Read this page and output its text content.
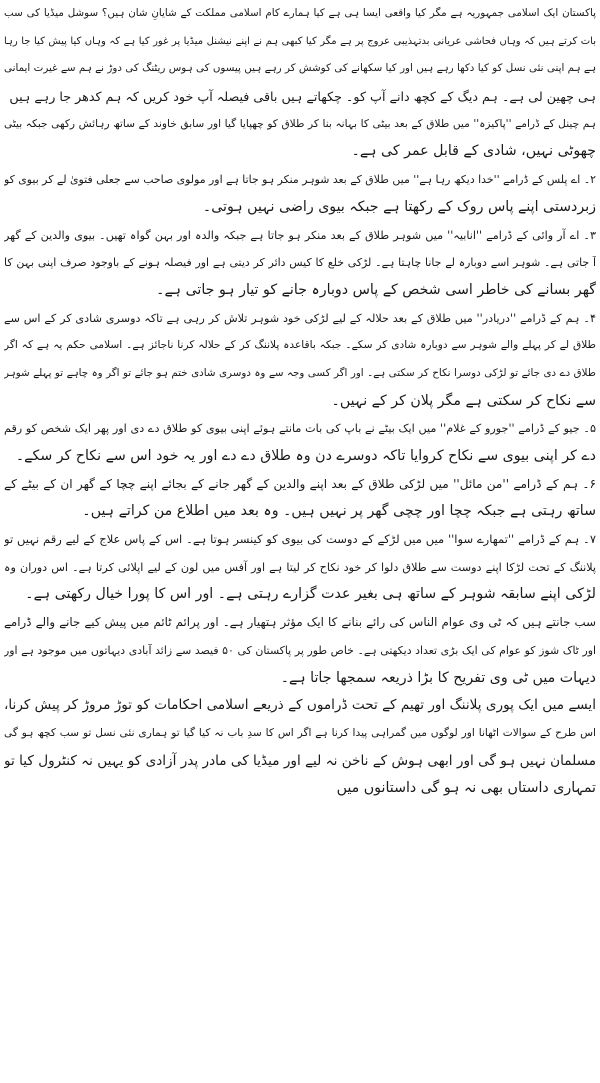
پاکستان ایک اسلامی جمہوریہ ہے مگر کیا واقعی ایسا ہی ہے کیا ہمارے کام اسلامی مملکت کے شایانِ شان ہیں؟ سوشل میڈیا کی سب
بات کرتے ہیں کہ وہاں فحاشی عریانی بدتہذیبی عروج پر ہے مگر کیا کبھی ہم نے اپنے نیشنل میڈیا پر غور کیا ہے کہ وہاں کیا پیش کیا جا رہا
ہے ہم اپنی نئی نسل کو کیا دکھا رہے ہیں اور کیا سکھانے کی کوشش کر رہے ہیں پیسوں کی ہوس ریٹنگ کی دوڑ نے ہم سے غیرت ایمانی
ہی چھین لی ہے۔ ہم دیگ کے کچھ دانے آپ کو۔ چکھاتے ہیں باقی فیصلہ آپ خود کریں کہ ہم کدھر جا رہے ہیں
ہم چینل کے ڈرامے ''پاکیزہ'' میں طلاق کے بعد بیٹی کا بہانہ بنا کر طلاق کو چھپایا گیا اور سابق خاوند کے ساتھ رہائش رکھی جبکہ بیٹی
چھوٹی نہیں، شادی کے قابل عمر کی ہے۔
۲۔ اے پلس کے ڈرامے ''خدا دیکھ رہا ہے'' میں طلاق کے بعد شوہر منکر ہو جاتا ہے اور مولوی صاحب سے جعلی فتویٰ لے کر بیوی کو
زبردستی اپنے پاس روک کے رکھتا ہے جبکہ بیوی راضی نہیں ہوتی۔
۳۔ اے آر وائی کے ڈرامے ''انابیہ'' میں شوہر طلاق کے بعد منکر ہو جاتا ہے جبکہ والدہ اور بہن گواہ تھیں۔ بیوی والدین کے گھر
آ جاتی ہے۔ شوہر اسے دوبارہ لے جانا چاہتا ہے۔ لڑکی خلع کا کیس دائر کر دیتی ہے اور فیصلہ ہونے کے باوجود صرف اپنی بہن کا
گھر بسانے کی خاطر اسی شخص کے پاس دوبارہ جانے کو تیار ہو جاتی ہے۔
۴۔ ہم کے ڈرامے ''دریادر'' میں طلاق کے بعد حلالہ کے لیے لڑکی خود شوہر تلاش کر رہی ہے تاکہ دوسری شادی کر کے اس سے
طلاق لے کر پہلے والے شوہر سے دوبارہ شادی کر سکے۔ جبکہ باقاعدہ پلاننگ کر کے حلالہ کرنا ناجائز ہے۔ اسلامی حکم یہ ہے کہ اگر
طلاق دے دی جائے تو لڑکی دوسرا نکاح کر سکتی ہے۔ اور اگر کسی وجہ سے وہ دوسری شادی ختم ہو جائے تو اگر وہ چاہے تو پہلے شوہر
سے نکاح کر سکتی ہے مگر پلان کر کے نہیں۔
۵۔ جیو کے ڈرامے ''جورو کے غلام'' میں ایک بیٹے نے باپ کی بات مانتے ہوئے اپنی بیوی کو طلاق دے دی اور پھر ایک شخص کو رقم
دے کر اپنی بیوی سے نکاح کروایا تاکہ دوسرے دن وہ طلاق دے دے اور یہ خود اس سے نکاح کر سکے۔
۶۔ ہم کے ڈرامے ''من مائل'' میں لڑکی طلاق کے بعد اپنے والدین کے گھر جانے کے بجائے اپنے چچا کے گھر ان کے بیٹے کے
ساتھ رہتی ہے جبکہ چچا اور چچی گھر پر نہیں ہیں۔ وہ بعد میں اطلاع من کراتے ہیں۔
۷۔ ہم کے ڈرامے ''تمھارے سوا'' میں میں لڑکے کے دوست کی بیوی کو کینسر ہوتا ہے۔ اس کے پاس علاج کے لیے رقم نہیں تو
پلاننگ کے تحت لڑکا اپنے دوست سے طلاق دلوا کر خود نکاح کر لیتا ہے اور آفس میں لون کے لیے اپلائی کرتا ہے۔ اس دوران وہ
لڑکی اپنے سابقہ شوہر کے ساتھ ہی بغیر عدت گزارے رہتی ہے۔ اور اس کا پورا خیال رکھتی ہے۔
سب جانتے ہیں کہ ٹی وی عوام الناس کی رائے بنانے کا ایک مؤثر ہتھیار ہے۔ اور پرائم ٹائم میں پیش کیے جانے والے ڈرامے
اور ٹاک شوز کو عوام کی ایک بڑی تعداد دیکھتی ہے۔ خاص طور پر پاکستان کی ۵۰ فیصد سے زائد آبادی دیہاتوں میں موجود ہے اور
دیہات میں ٹی وی تفریح کا بڑا ذریعہ سمجھا جاتا ہے۔
ایسے میں ایک پوری پلاننگ اور تھیم کے تحت ڈراموں کے ذریعے اسلامی احکامات کو توڑ مروڑ کر پیش کرنا،
اس طرح کے سوالات اٹھانا اور لوگوں میں گمراہی پیدا کرنا ہے اگر اس کا سدِ باب نہ کیا گیا تو ہماری نئی نسل تو سب کچھ ہو گی
مسلمان نہیں ہو گی اور ابھی ہوش کے ناخن نہ لیے اور میڈیا کی مادر پدر آزادی کو یہیں نہ کنٹرول کیا تو
تمہاری داستاں بھی نہ ہو گی داستانوں میں
